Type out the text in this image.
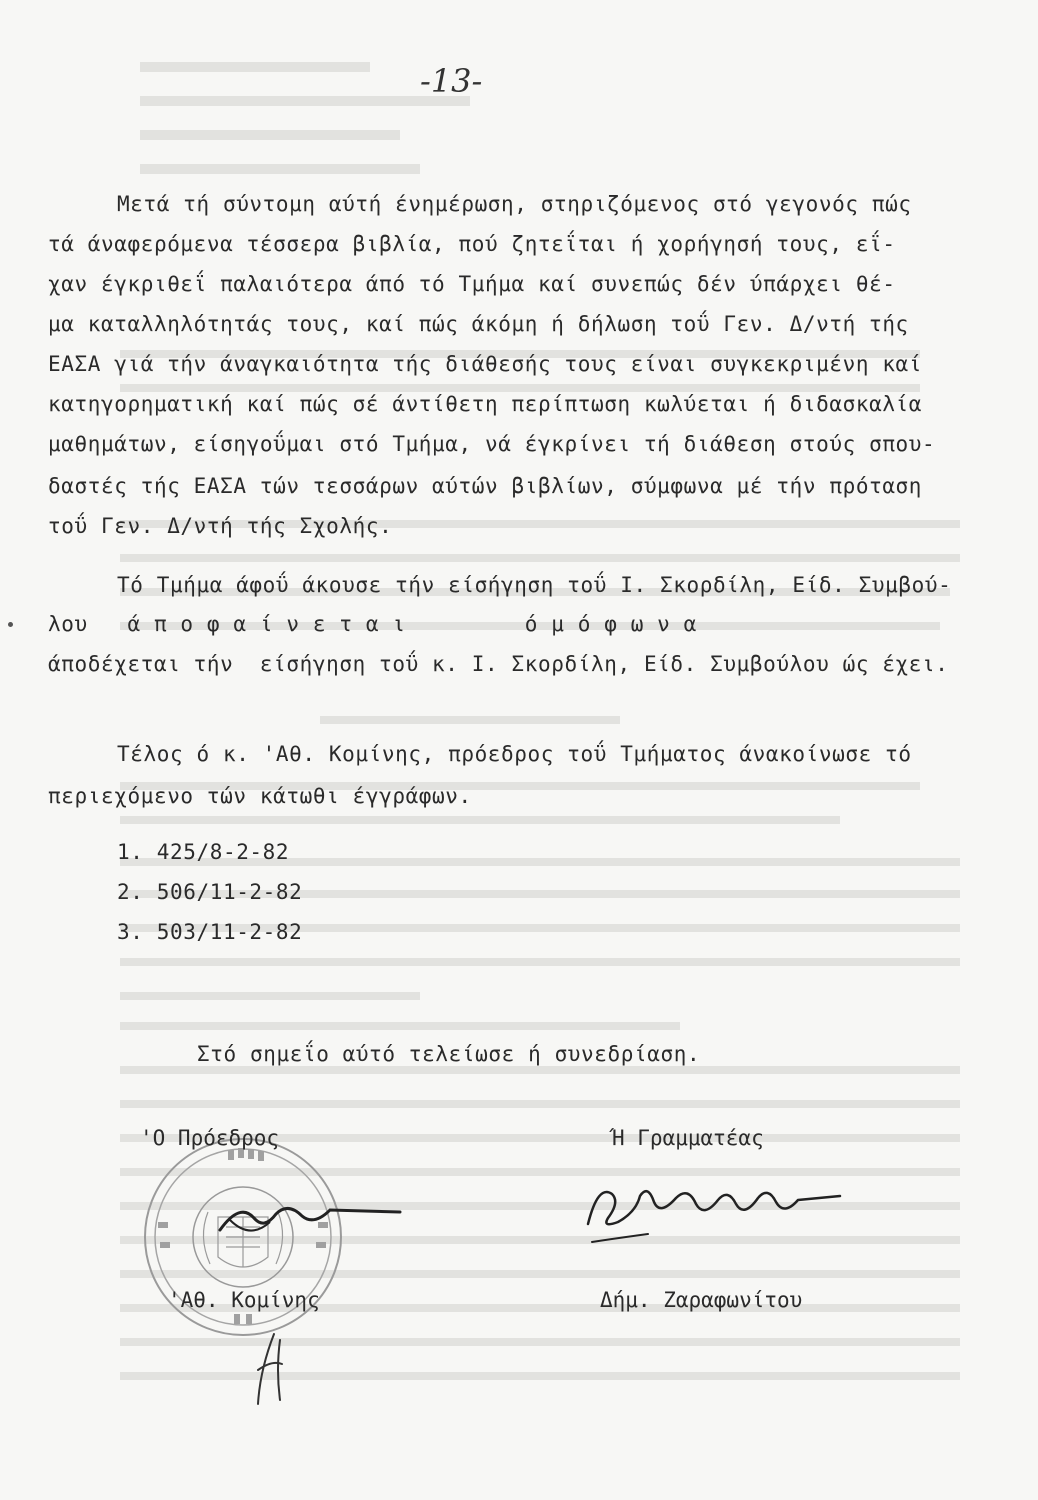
-13-
Μετά τή σύντομη αύτή ένημέρωση, στηριζόμενος στό γεγονός πώς
τά άναφερόμενα τέσσερα βιβλία, πού ζητεΐται ή χορήγησή τους, εΐ-
χαν έγκριθεΐ παλαιότερα άπό τό Τμήμα καί συνεπώς δέν ύπάρχει θέ-
μα καταλληλότητάς τους, καί πώς άκόμη ή δήλωση τοΰ Γεν. Δ/ντή τής
ΕΑΣΑ γιά τήν άναγκαιότητα τής διάθεσής τους είναι συγκεκριμένη καί
κατηγορηματική καί πώς σέ άντίθετη περίπτωση κωλύεται ή διδασκαλία
μαθημάτων, είσηγοΰμαι στό Τμήμα, νά έγκρίνει τή διάθεση στούς σπου-
δαστές τής ΕΑΣΑ τών τεσσάρων αύτών βιβλίων, σύμφωνα μέ τήν πρόταση
τοΰ Γεν. Δ/ντή τής Σχολής.
Τό Τμήμα άφοΰ άκουσε τήν είσήγηση τοΰ Ι. Σκορδίλη, Είδ. Συμβού-
λου   ά π ο φ α ί ν ε τ α ι         ό μ ό φ ω ν α
άποδέχεται τήν  είσήγηση τοΰ κ. Ι. Σκορδίλη, Είδ. Συμβούλου ώς έχει.
Τέλος ό κ. 'Αθ. Κομίνης, πρόεδρος τοΰ Τμήματος άνακοίνωσε τό
περιεχόμενο τών κάτωθι έγγράφων.
1. 425/8-2-82
2. 506/11-2-82
3. 503/11-2-82
Στό σημεΐο αύτό τελείωσε ή συνεδρίαση.
'Ο Πρόεδρος	Ή Γραμματέας
'Αθ. Κομίνης	Δήμ. Ζαραφωνίτου
